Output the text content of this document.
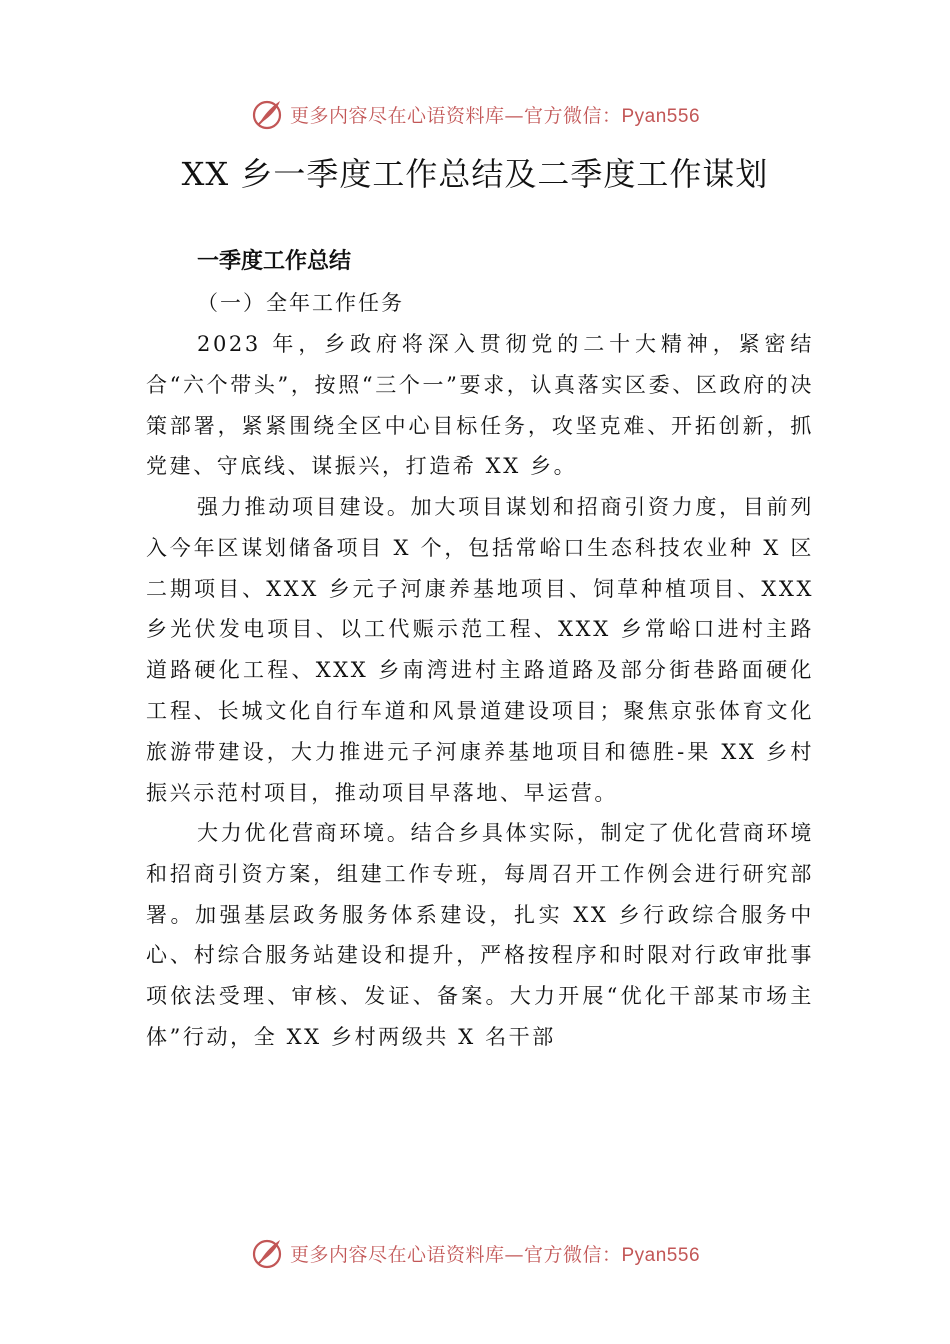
更多内容尽在心语资料库—官方微信：Pyan556
XX 乡一季度工作总结及二季度工作谋划
一季度工作总结
（一）全年工作任务

2023 年，乡政府将深入贯彻党的二十大精神，紧密结合“六个带头”，按照“三个一”要求，认真落实区委、区政府的决策部署，紧紧围绕全区中心目标任务，攻坚克难、开拓创新，抓党建、守底线、谋振兴，打造希 XX 乡。

强力推动项目建设。加大项目谋划和招商引资力度，目前列入今年区谋划储备项目 X 个，包括常峪口生态科技农业种 X 区二期项目、XXX 乡元子河康养基地项目、饲草种植项目、XXX 乡光伏发电项目、以工代赈示范工程、XXX 乡常峪口进村主路道路硬化工程、XXX 乡南湾进村主路道路及部分街巷路面硬化工程、长城文化自行车道和风景道建设项目；聚焦京张体育文化旅游带建设，大力推进元子河康养基地项目和德胜-果 XX 乡村振兴示范村项目，推动项目早落地、早运营。

大力优化营商环境。结合乡具体实际，制定了优化营商环境和招商引资方案，组建工作专班，每周召开工作例会进行研究部署。加强基层政务服务体系建设，扎实 XX 乡行政综合服务中心、村综合服务站建设和提升，严格按程序和时限对行政审批事项依法受理、审核、发证、备案。大力开展“优化干部某市场主体”行动，全 XX 乡村两级共 X 名干部

更多内容尽在心语资料库—官方微信：Pyan556
